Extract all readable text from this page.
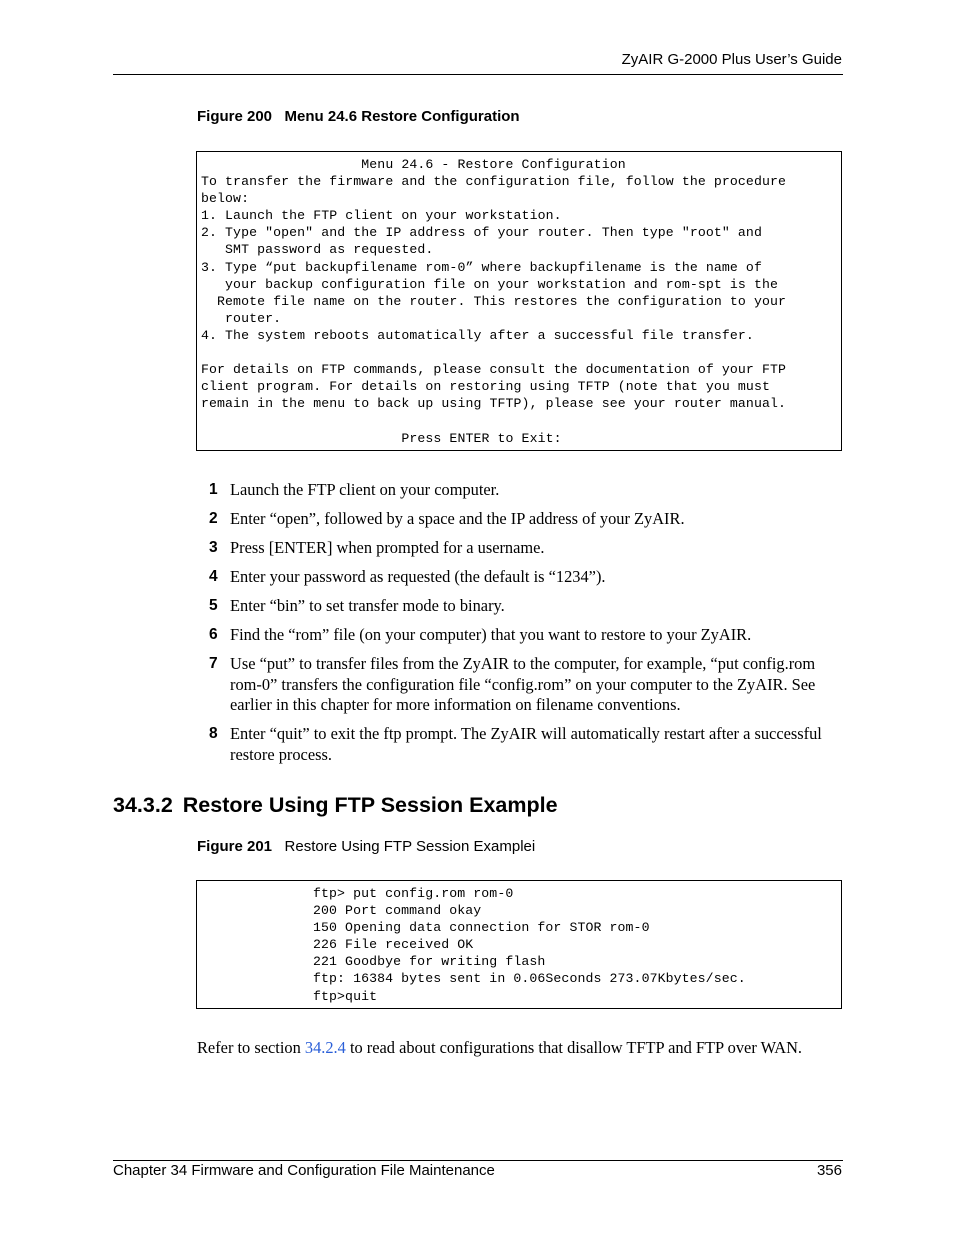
ZyAIR G-2000 Plus User’s Guide
Figure 200 Menu 24.6 Restore Configuration
Menu 24.6 - Restore Configuration
To transfer the firmware and the configuration file, follow the procedure
below:
1. Launch the FTP client on your workstation.
2. Type "open" and the IP address of your router. Then type "root" and
SMT password as requested.
3. Type “put backupfilename rom-0” where backupfilename is the name of
your backup configuration file on your workstation and rom-spt is the
Remote file name on the router. This restores the configuration to your
router.
4. The system reboots automatically after a successful file transfer.

For details on FTP commands, please consult the documentation of your FTP
client program. For details on restoring using TFTP (note that you must
remain in the menu to back up using TFTP), please see your router manual.

Press ENTER to Exit:
1 Launch the FTP client on your computer.
2 Enter “open”, followed by a space and the IP address of your ZyAIR.
3 Press [ENTER] when prompted for a username.
4 Enter your password as requested (the default is “1234”).
5 Enter “bin” to set transfer mode to binary.
6 Find the “rom” file (on your computer) that you want to restore to your ZyAIR.
7 Use “put” to transfer files from the ZyAIR to the computer, for example, “put config.rom rom-0” transfers the configuration file “config.rom” on your computer to the ZyAIR. See earlier in this chapter for more information on filename conventions.
8 Enter “quit” to exit the ftp prompt. The ZyAIR will automatically restart after a successful restore process.
34.3.2 Restore Using FTP Session Example
Figure 201 Restore Using FTP Session Examplei
ftp> put config.rom rom-0
200 Port command okay
150 Opening data connection for STOR rom-0
226 File received OK
221 Goodbye for writing flash
ftp: 16384 bytes sent in 0.06Seconds 273.07Kbytes/sec.
ftp>quit
Refer to section 34.2.4 to read about configurations that disallow TFTP and FTP over WAN.
Chapter 34 Firmware and Configuration File Maintenance	356
